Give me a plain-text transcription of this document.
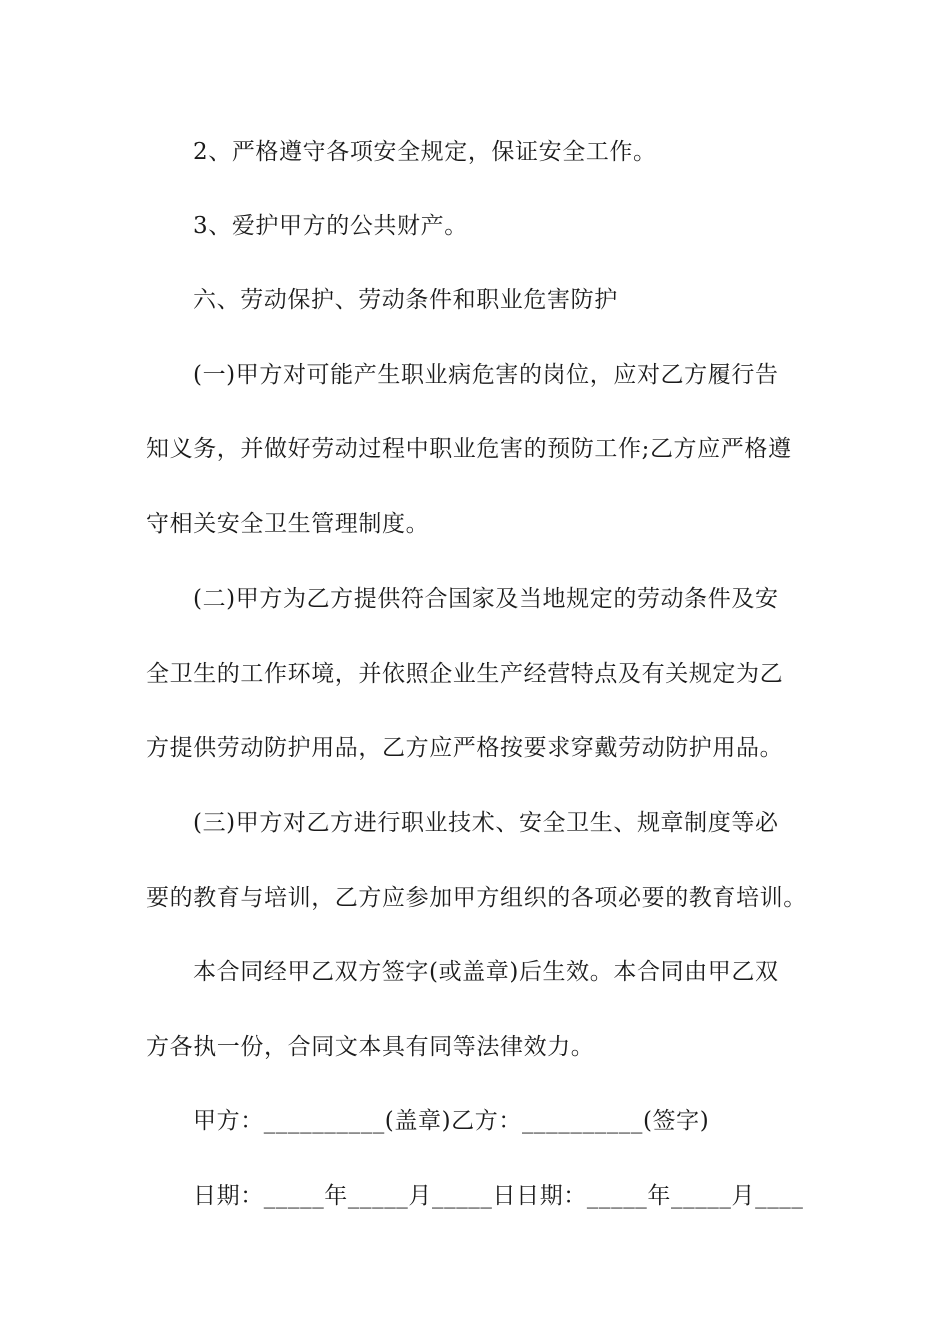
2、严格遵守各项安全规定，保证安全工作。
3、爱护甲方的公共财产。
六、劳动保护、劳动条件和职业危害防护
(一)甲方对可能产生职业病危害的岗位，应对乙方履行告
知义务，并做好劳动过程中职业危害的预防工作;乙方应严格遵
守相关安全卫生管理制度。
(二)甲方为乙方提供符合国家及当地规定的劳动条件及安
全卫生的工作环境，并依照企业生产经营特点及有关规定为乙
方提供劳动防护用品，乙方应严格按要求穿戴劳动防护用品。
(三)甲方对乙方进行职业技术、安全卫生、规章制度等必
要的教育与培训，乙方应参加甲方组织的各项必要的教育培训。
本合同经甲乙双方签字(或盖章)后生效。本合同由甲乙双
方各执一份，合同文本具有同等法律效力。
甲方：__________(盖章)乙方：__________(签字)
日期：_____年_____月_____日日期：_____年_____月____
